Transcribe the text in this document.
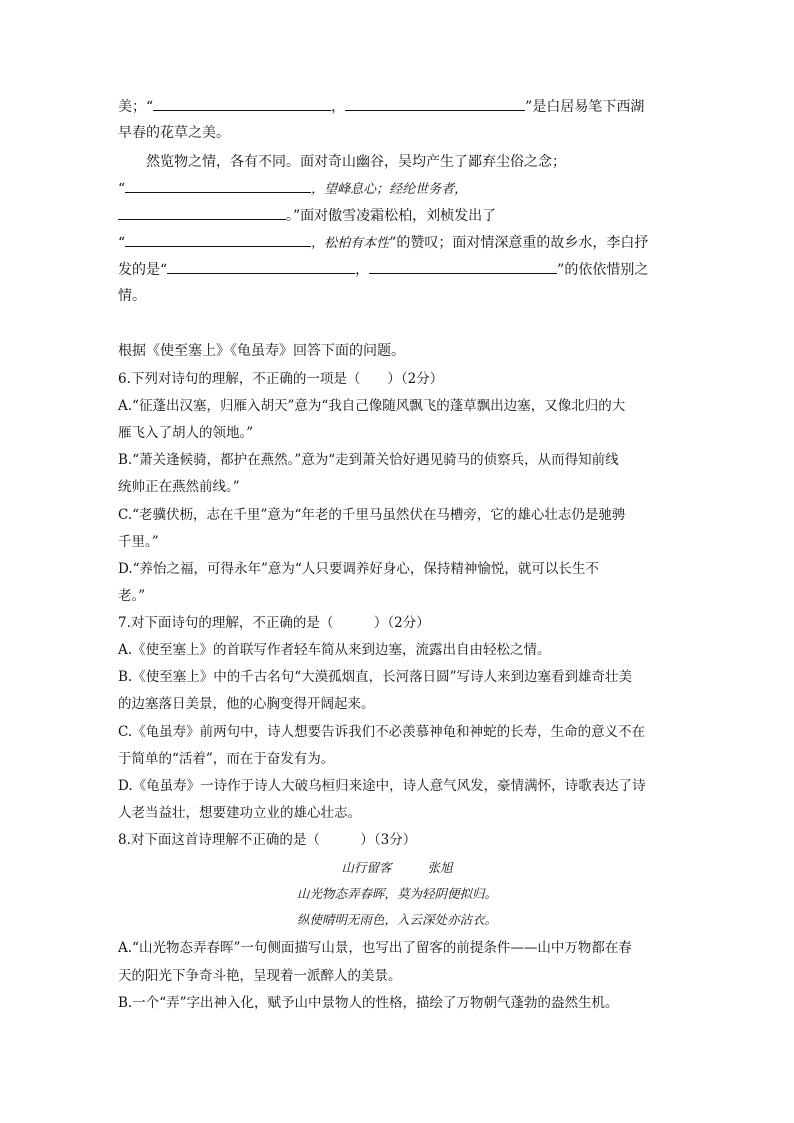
美；“	，	”是白居易笔下西湖
早春的花草之美。
然览物之情，各有不同。面对奇山幽谷，吴均产生了鄙弃尘俗之念；
“	，望峰息心；经纶世务者，
。”面对傲雪凌霜松柏，刘桢发出了
“	，松柏有本性”的赞叹；面对情深意重的故乡水，李白抒
发的是“	，	”的依依惜别之
情。
根据《使至塞上》《龟虽寿》回答下面的问题。
6.下列对诗句的理解，不正确的一项是（　　）（2分）
A.“征蓬出汉塞，归雁入胡天”意为“我自己像随风飘飞的蓬草飘出边塞，又像北归的大
雁飞入了胡人的领地。”
B.“萧关逢候骑，都护在燕然。”意为“走到萧关恰好遇见骑马的侦察兵，从而得知前线
统帅正在燕然前线。”
C.“老骥伏枥，志在千里”意为“年老的千里马虽然伏在马槽旁，它的雄心壮志仍是驰骋
千里。”
D.“养怡之福，可得永年”意为“人只要调养好身心，保持精神愉悦，就可以长生不
老。”
7.对下面诗句的理解，不正确的是（　　　）（2分）
A.《使至塞上》的首联写作者轻车简从来到边塞，流露出自由轻松之情。
B.《使至塞上》中的千古名句“大漠孤烟直，长河落日圆”写诗人来到边塞看到雄奇壮美
的边塞落日美景，他的心胸变得开阔起来。
C.《龟虽寿》前两句中，诗人想要告诉我们不必羡慕神龟和神蛇的长寿，生命的意义不在
于简单的“活着”，而在于奋发有为。
D.《龟虽寿》一诗作于诗人大破乌桓归来途中，诗人意气风发，豪情满怀，诗歌表达了诗
人老当益壮，想要建功立业的雄心壮志。
8.对下面这首诗理解不正确的是（　　　）（3分）
山行留客	张旭
山光物态弄春晖，莫为轻阴便拟归。
纵使晴明无雨色，入云深处亦沾衣。
A.“山光物态弄春晖”一句侧面描写山景，也写出了留客的前提条件——山中万物都在春
天的阳光下争奇斗艳，呈现着一派醉人的美景。
B.一个“弄”字出神入化，赋予山中景物人的性格，描绘了万物朝气蓬勃的盎然生机。
